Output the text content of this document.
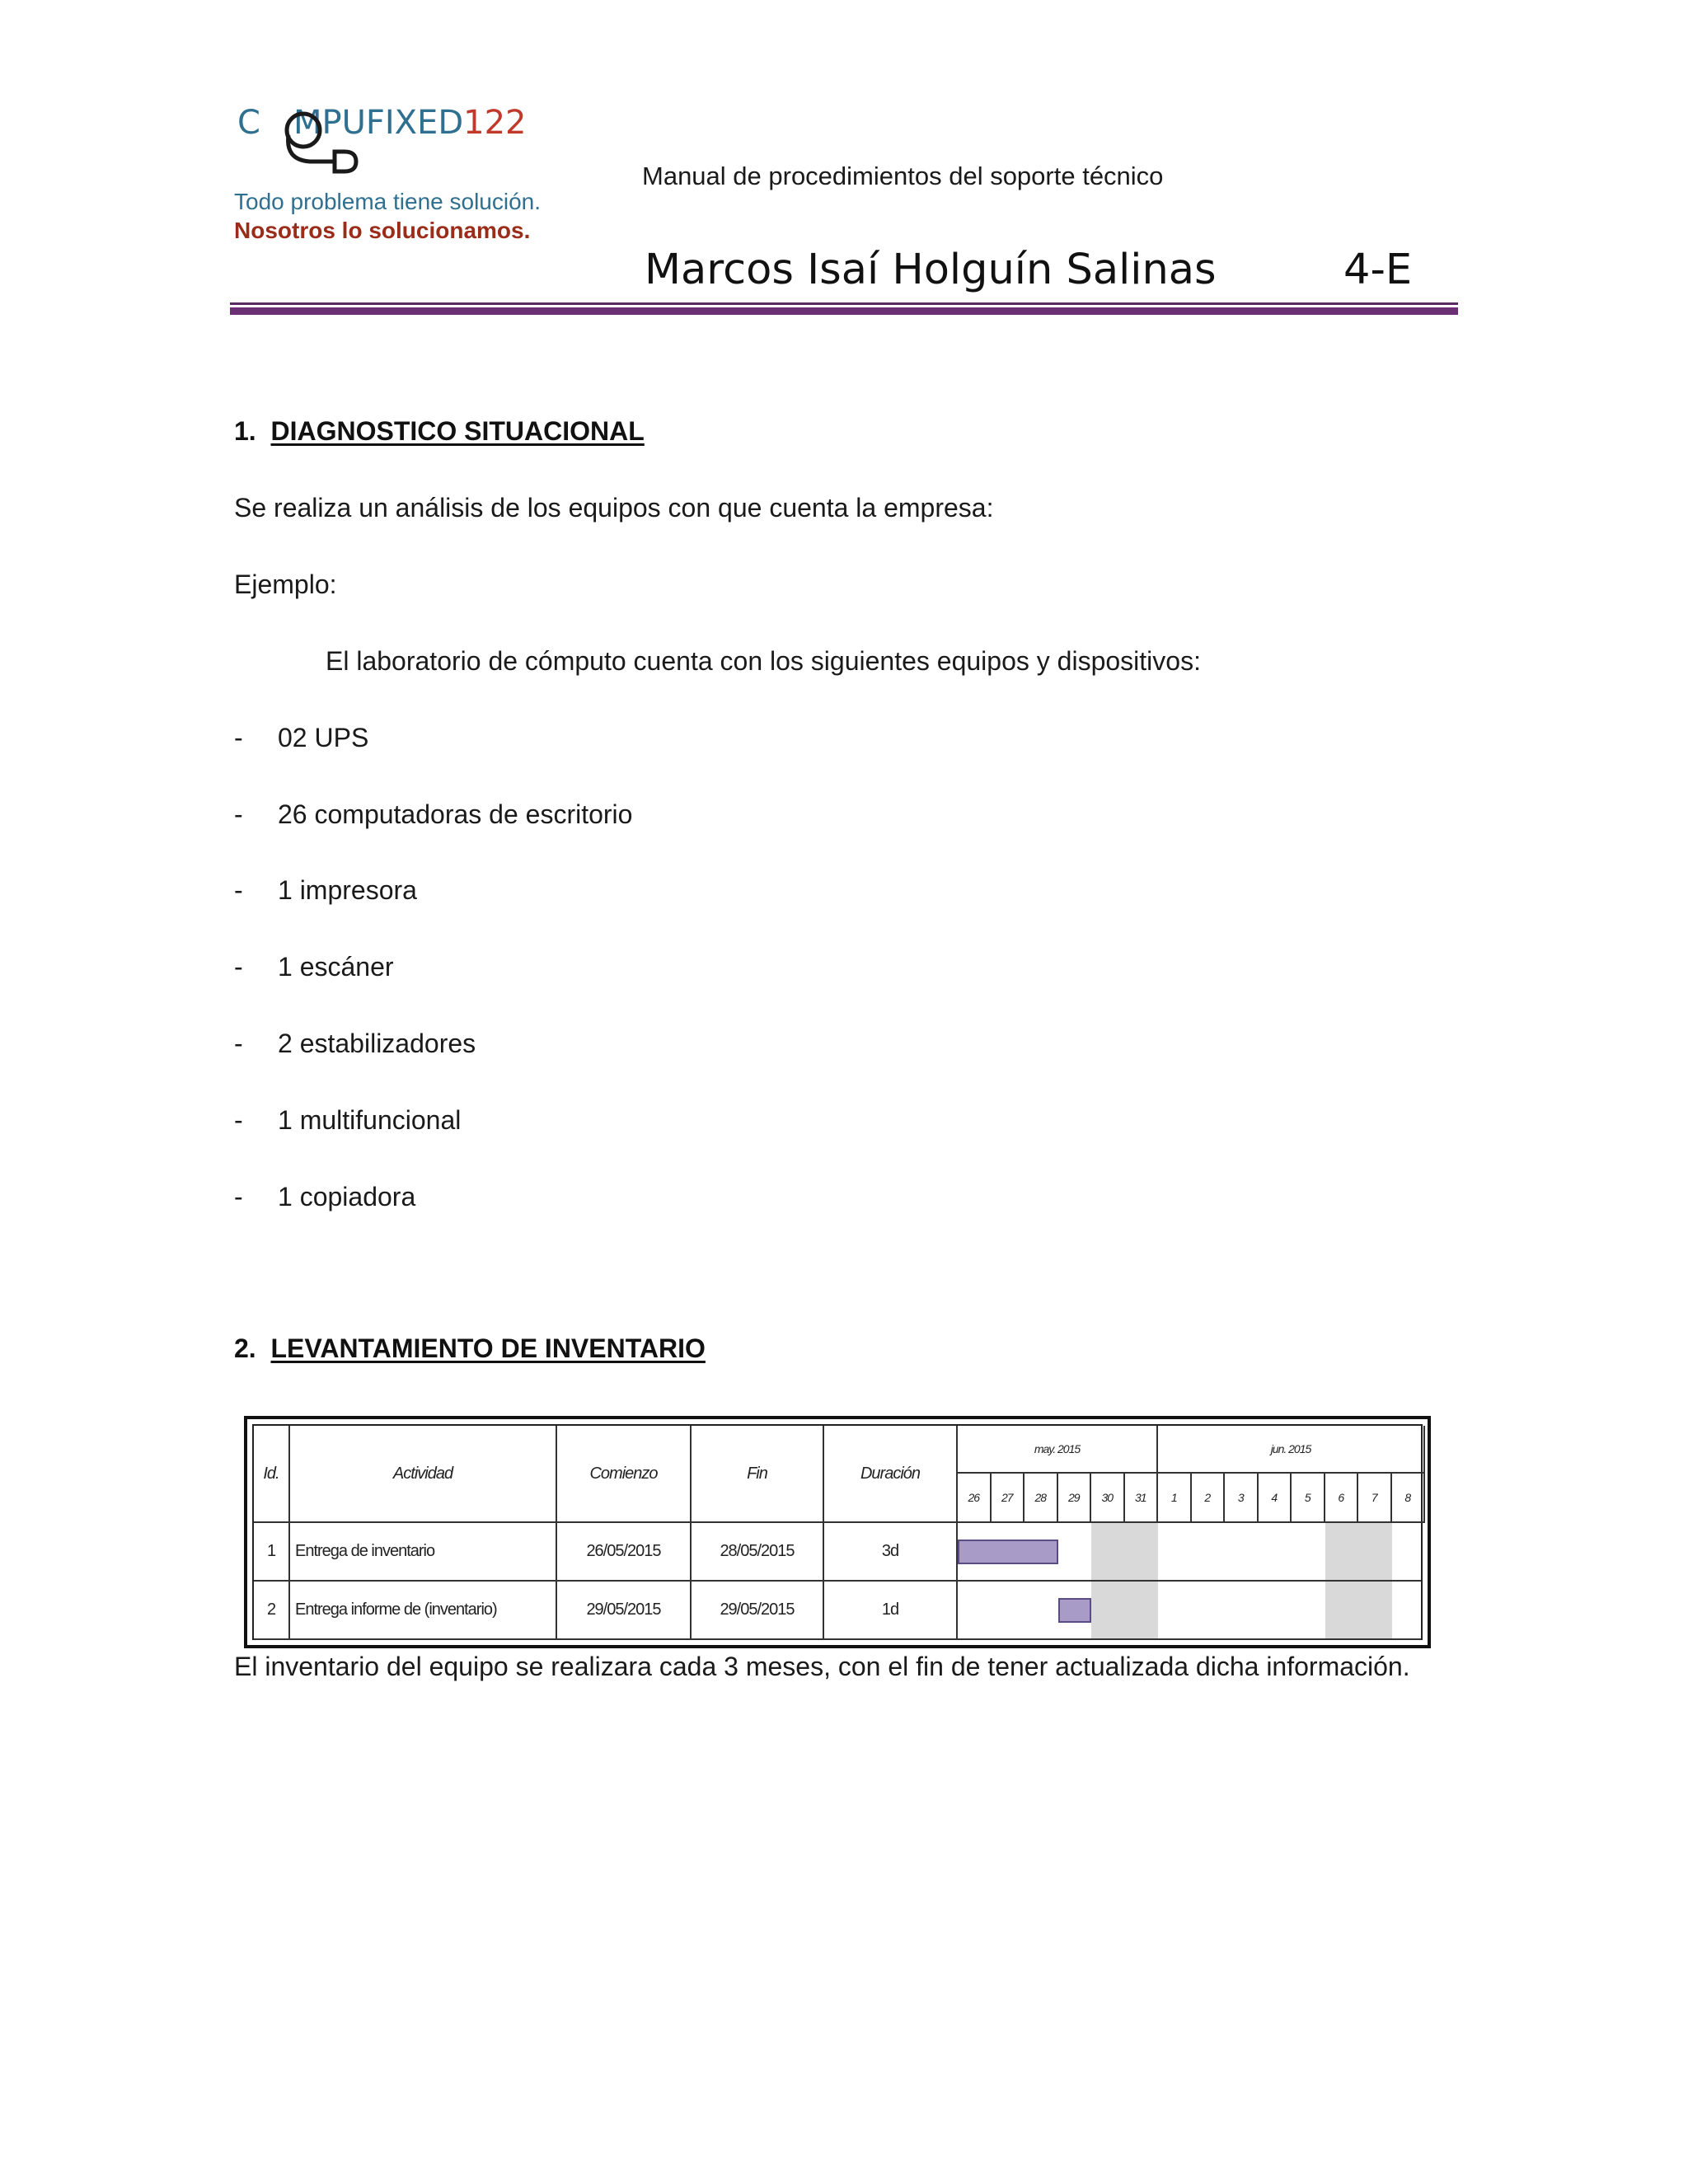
C MPUFIXED122
Todo problema tiene solución.
Nosotros lo solucionamos.
Manual de procedimientos del soporte técnico
Marcos Isaí Holguín Salinas	4-E
1. DIAGNOSTICO SITUACIONAL
Se realiza un análisis de los equipos con que cuenta la empresa:
Ejemplo:
El laboratorio de cómputo cuenta con los siguientes equipos y dispositivos:
- 02 UPS
- 26 computadoras de escritorio
- 1 impresora
- 1 escáner
- 2 estabilizadores
- 1 multifuncional
- 1 copiadora
2. LEVANTAMIENTO DE INVENTARIO
Id.	Actividad	Comienzo	Fin	Duración
may. 2015	jun. 2015
26	27	28	29	30	31	1	2	3	4	5	6	7	8
1	Entrega de inventario	26/05/2015	28/05/2015	3d
2	Entrega informe de (inventario)	29/05/2015	29/05/2015	1d
El inventario del equipo se realizara cada 3 meses, con el fin de tener actualizada dicha información.
